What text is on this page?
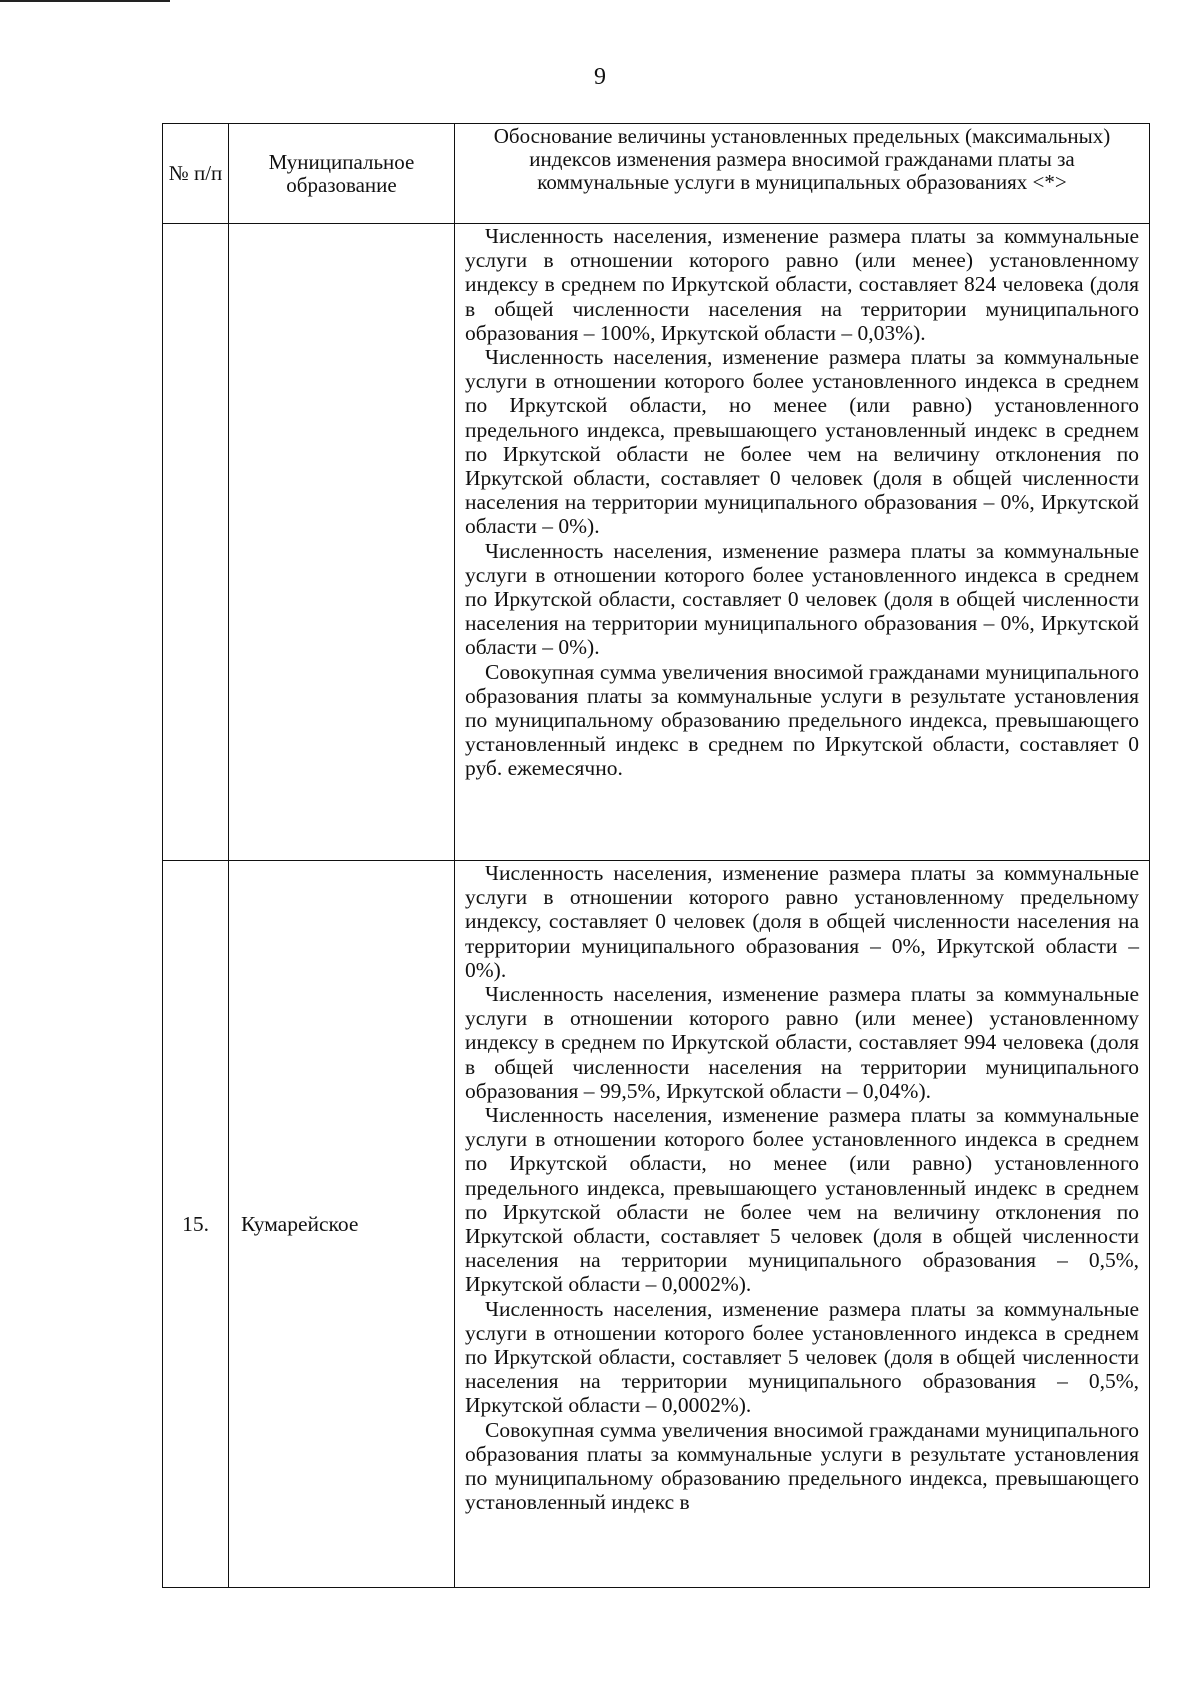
9
№ п/п	Муниципальное образование	Обоснование величины установленных предельных (максимальных) индексов изменения размера вносимой гражданами платы за коммунальные услуги в муниципальных образованиях <*>

		Численность населения, изменение размера платы за коммунальные услуги в отношении которого равно (или менее) установленному индексу в среднем по Иркутской области, составляет 824 человека (доля в общей численности населения на территории муниципального образования – 100%, Иркутской области – 0,03%).

Численность населения, изменение размера платы за коммунальные услуги в отношении которого более установленного индекса в среднем по Иркутской области, но менее (или равно) установленного предельного индекса, превышающего установленный индекс в среднем по Иркутской области не более чем на величину отклонения по Иркутской области, составляет 0 человек (доля в общей численности населения на территории муниципального образования – 0%, Иркутской области – 0%).

Численность населения, изменение размера платы за коммунальные услуги в отношении которого более установленного индекса в среднем по Иркутской области, составляет 0 человек (доля в общей численности населения на территории муниципального образования – 0%, Иркутской области – 0%).

Совокупная сумма увеличения вносимой гражданами муниципального образования платы за коммунальные услуги в результате установления по муниципальному образованию предельного индекса, превышающего установленный индекс в среднем по Иркутской области, составляет 0 руб. ежемесячно.

15.	Кумарейское	Численность населения, изменение размера платы за коммунальные услуги в отношении которого равно установленному предельному индексу, составляет 0 человек (доля в общей численности населения на территории муниципального образования – 0%, Иркутской области – 0%).

Численность населения, изменение размера платы за коммунальные услуги в отношении которого равно (или менее) установленному индексу в среднем по Иркутской области, составляет 994 человека (доля в общей численности населения на территории муниципального образования – 99,5%, Иркутской области – 0,04%).

Численность населения, изменение размера платы за коммунальные услуги в отношении которого более установленного индекса в среднем по Иркутской области, но менее (или равно) установленного предельного индекса, превышающего установленный индекс в среднем по Иркутской области не более чем на величину отклонения по Иркутской области, составляет 5 человек (доля в общей численности населения на территории муниципального образования – 0,5%, Иркутской области – 0,0002%).

Численность населения, изменение размера платы за коммунальные услуги в отношении которого более установленного индекса в среднем по Иркутской области, составляет 5 человек (доля в общей численности населения на территории муниципального образования – 0,5%, Иркутской области – 0,0002%).

Совокупная сумма увеличения вносимой гражданами муниципального образования платы за коммунальные услуги в результате установления по муниципальному образованию предельного индекса, превышающего установленный индекс в
